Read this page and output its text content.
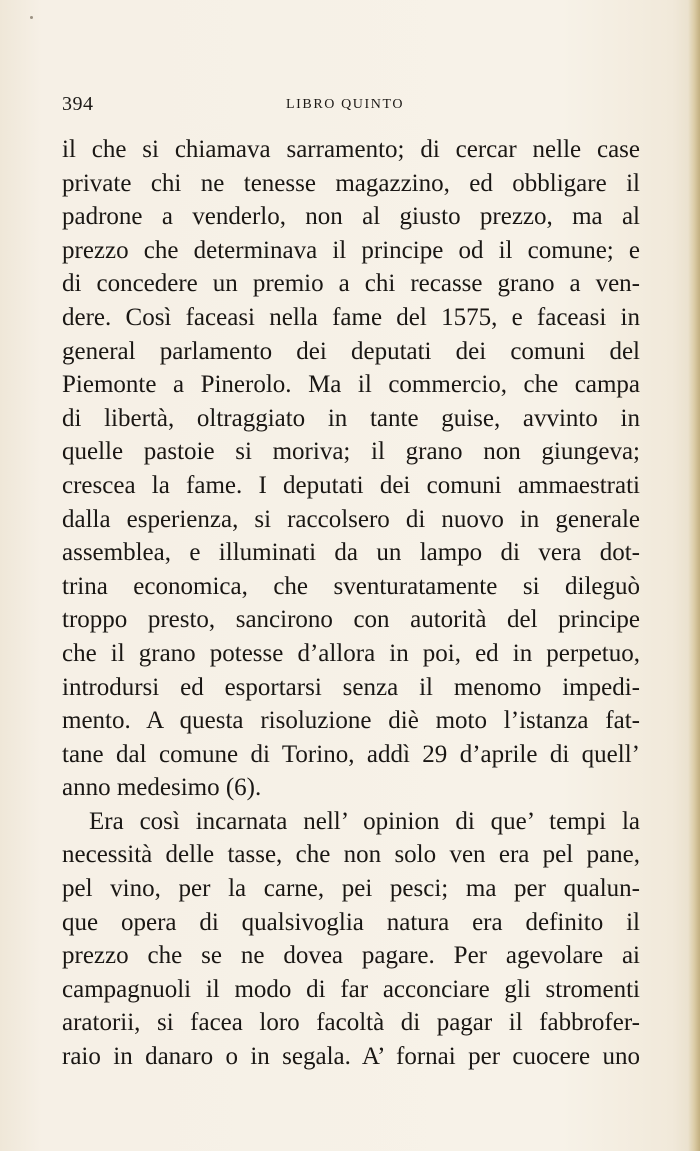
394	LIBRO QUINTO
il che si chiamava sarramento; di cercar nelle case
private chi ne tenesse magazzino, ed obbligare il
padrone a venderlo, non al giusto prezzo, ma al
prezzo che determinava il principe od il comune; e
di concedere un premio a chi recasse grano a ven-
dere. Così faceasi nella fame del 1575, e faceasi in
general parlamento dei deputati dei comuni del
Piemonte a Pinerolo. Ma il commercio, che campa
di libertà, oltraggiato in tante guise, avvinto in
quelle pastoie si moriva; il grano non giungeva;
crescea la fame. I deputati dei comuni ammaestrati
dalla esperienza, si raccolsero di nuovo in generale
assemblea, e illuminati da un lampo di vera dot-
trina economica, che sventuratamente si dileguò
troppo presto, sancirono con autorità del principe
che il grano potesse d’allora in poi, ed in perpetuo,
introdursi ed esportarsi senza il menomo impedi-
mento. A questa risoluzione diè moto l’istanza fat-
tane dal comune di Torino, addì 29 d’aprile di quell’
anno medesimo (6).
Era così incarnata nell’ opinion di que’ tempi la
necessità delle tasse, che non solo ven era pel pane,
pel vino, per la carne, pei pesci; ma per qualun-
que opera di qualsivoglia natura era definito il
prezzo che se ne dovea pagare. Per agevolare ai
campagnuoli il modo di far acconciare gli stromenti
aratorii, si facea loro facoltà di pagar il fabbrofer-
raio in danaro o in segala. A’ fornai per cuocere uno
